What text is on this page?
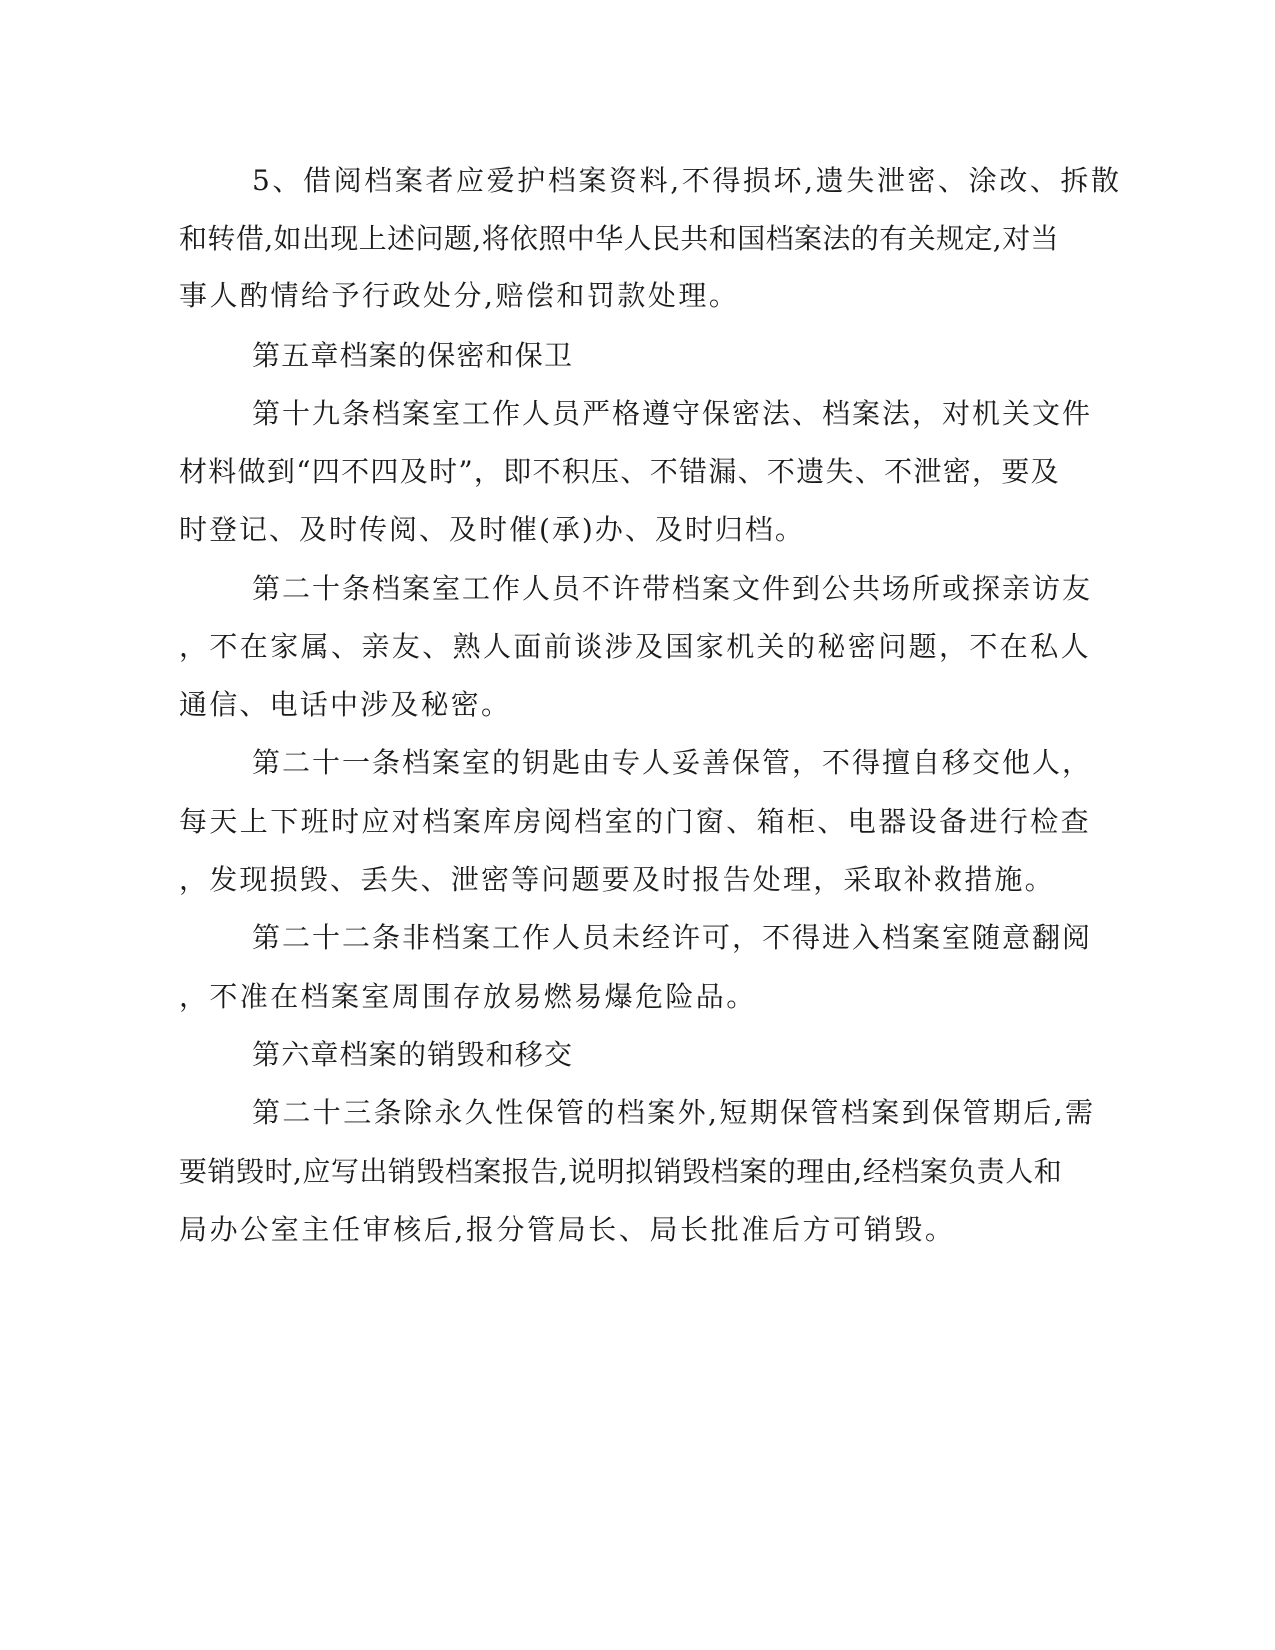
5、借阅档案者应爱护档案资料,不得损坏,遗失泄密、涂改、拆散

和转借,如出现上述问题,将依照中华人民共和国档案法的有关规定,对当

事人酌情给予行政处分,赔偿和罚款处理。

第五章档案的保密和保卫

第十九条档案室工作人员严格遵守保密法、档案法，对机关文件

材料做到“四不四及时”，即不积压、不错漏、不遗失、不泄密，要及

时登记、及时传阅、及时催(承)办、及时归档。

第二十条档案室工作人员不许带档案文件到公共场所或探亲访友

，不在家属、亲友、熟人面前谈涉及国家机关的秘密问题，不在私人

通信、电话中涉及秘密。

第二十一条档案室的钥匙由专人妥善保管，不得擅自移交他人，

每天上下班时应对档案库房阅档室的门窗、箱柜、电器设备进行检查

，发现损毁、丢失、泄密等问题要及时报告处理，采取补救措施。

第二十二条非档案工作人员未经许可，不得进入档案室随意翻阅

，不准在档案室周围存放易燃易爆危险品。

第六章档案的销毁和移交

第二十三条除永久性保管的档案外,短期保管档案到保管期后,需

要销毁时,应写出销毁档案报告,说明拟销毁档案的理由,经档案负责人和

局办公室主任审核后,报分管局长、局长批准后方可销毁。
